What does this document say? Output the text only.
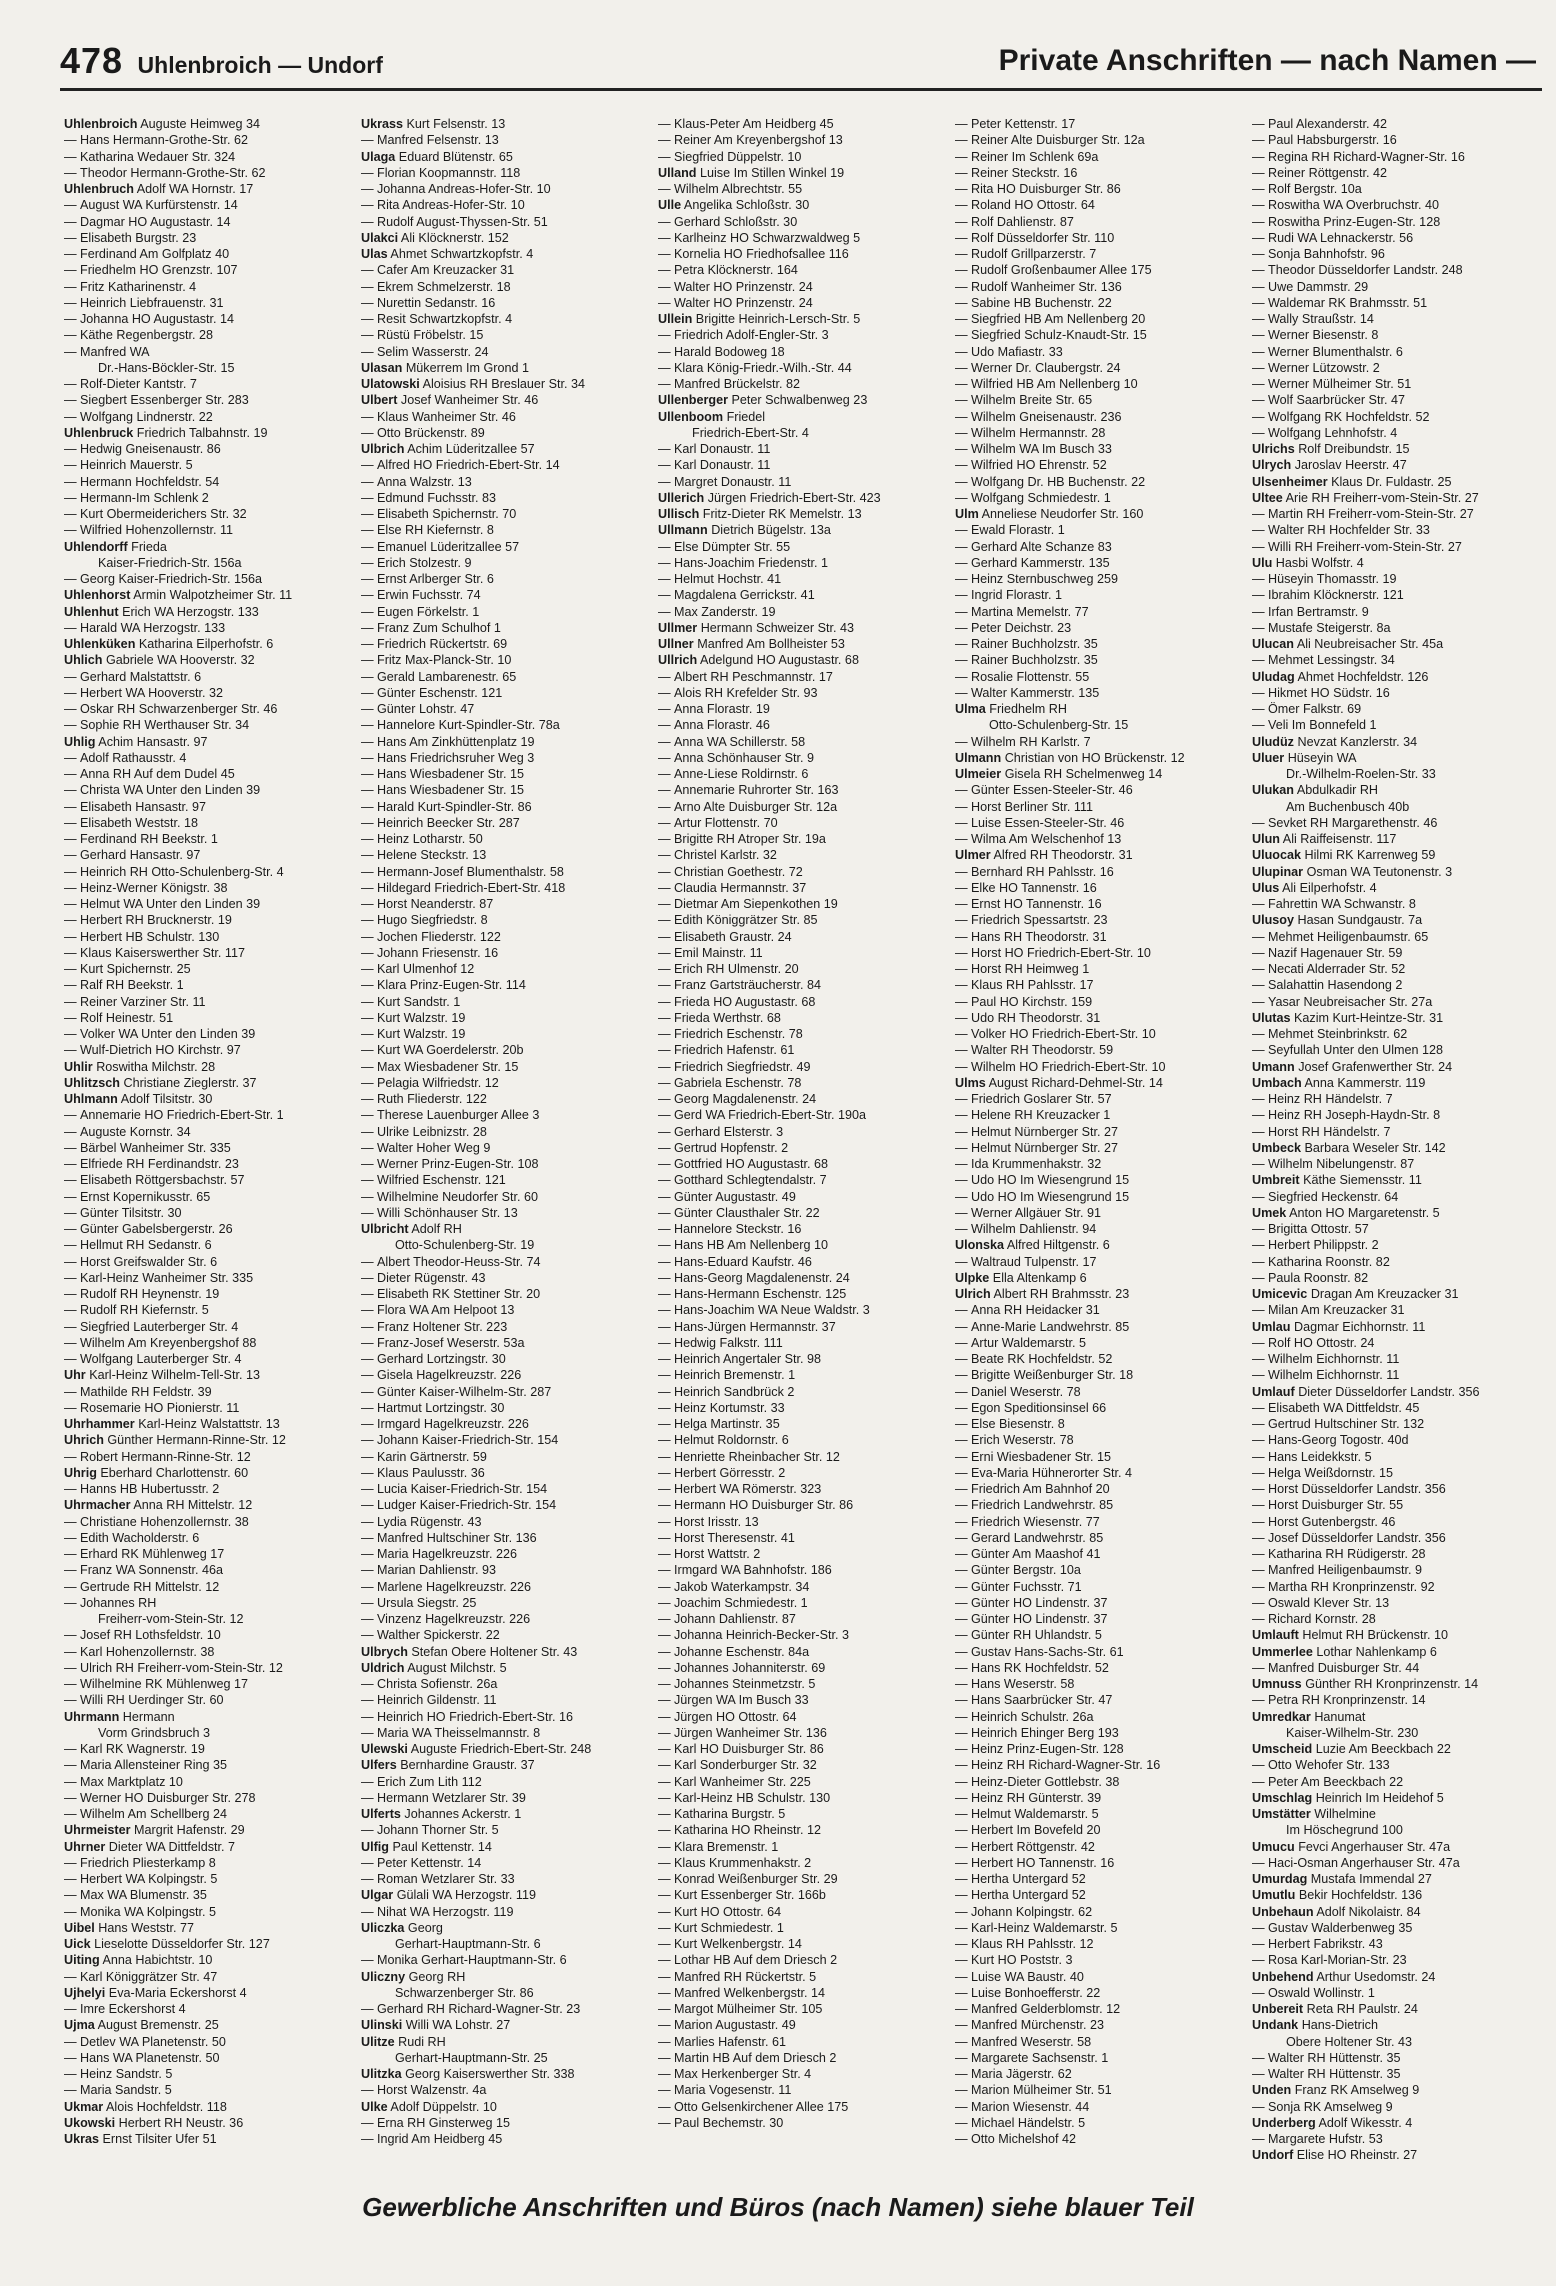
478 Uhlenbroich — Undorf	Private Anschriften — nach Namen —
Uhlenbroich Auguste Heimweg 34
— Hans Hermann-Grothe-Str. 62
— Katharina Wedauer Str. 324
— Theodor Hermann-Grothe-Str. 62
Uhlenbruch Adolf WA Hornstr. 17
— August WA Kurfürstenstr. 14
— Dagmar HO Augustastr. 14
— Elisabeth Burgstr. 23
— Ferdinand Am Golfplatz 40
— Friedhelm HO Grenzstr. 107
— Fritz Katharinenstr. 4
— Heinrich Liebfrauenstr. 31
— Johanna HO Augustastr. 14
— Käthe Regenbergstr. 28
— Manfred WA
Dr.-Hans-Böckler-Str. 15
— Rolf-Dieter Kantstr. 7
— Siegbert Essenberger Str. 283
— Wolfgang Lindnerstr. 22
Uhlenbruck Friedrich Talbahnstr. 19
— Hedwig Gneisenaustr. 86
— Heinrich Mauerstr. 5
— Hermann Hochfeldstr. 54
— Hermann-Im Schlenk 2
— Kurt Obermeiderichers Str. 32
— Wilfried Hohenzollernstr. 11
Uhlendorff Frieda
Kaiser-Friedrich-Str. 156a
— Georg Kaiser-Friedrich-Str. 156a
Uhlenhorst Armin Walpotzheimer Str. 11
Uhlenhut Erich WA Herzogstr. 133
— Harald WA Herzogstr. 133
Uhlenküken Katharina Eilperhofstr. 6
Uhlich Gabriele WA Hooverstr. 32
— Gerhard Malstattstr. 6
— Herbert WA Hooverstr. 32
— Oskar RH Schwarzenberger Str. 46
— Sophie RH Werthauser Str. 34
Uhlig Achim Hansastr. 97
— Adolf Rathausstr. 4
— Anna RH Auf dem Dudel 45
— Christa WA Unter den Linden 39
— Elisabeth Hansastr. 97
— Elisabeth Weststr. 18
— Ferdinand RH Beekstr. 1
— Gerhard Hansastr. 97
— Heinrich RH Otto-Schulenberg-Str. 4
— Heinz-Werner Königstr. 38
— Helmut WA Unter den Linden 39
— Herbert RH Brucknerstr. 19
— Herbert HB Schulstr. 130
— Klaus Kaiserswerther Str. 117
— Kurt Spichernstr. 25
— Ralf RH Beekstr. 1
— Reiner Varziner Str. 11
— Rolf Heinestr. 51
— Volker WA Unter den Linden 39
— Wulf-Dietrich HO Kirchstr. 97
Uhlir Roswitha Milchstr. 28
Uhlitzsch Christiane Zieglerstr. 37
Uhlmann Adolf Tilsitstr. 30
— Annemarie HO Friedrich-Ebert-Str. 1
— Auguste Kornstr. 34
— Bärbel Wanheimer Str. 335
— Elfriede RH Ferdinandstr. 23
— Elisabeth Röttgersbachstr. 57
— Ernst Kopernikusstr. 65
— Günter Tilsitstr. 30
— Günter Gabelsbergerstr. 26
— Hellmut RH Sedanstr. 6
— Horst Greifswalder Str. 6
— Karl-Heinz Wanheimer Str. 335
— Rudolf RH Heynenstr. 19
— Rudolf RH Kiefernstr. 5
— Siegfried Lauterberger Str. 4
— Wilhelm Am Kreyenbergshof 88
— Wolfgang Lauterberger Str. 4
Uhr Karl-Heinz Wilhelm-Tell-Str. 13
— Mathilde RH Feldstr. 39
— Rosemarie HO Pionierstr. 11
Uhrhammer Karl-Heinz Walstattstr. 13
Uhrich Günther Hermann-Rinne-Str. 12
— Robert Hermann-Rinne-Str. 12
Uhrig Eberhard Charlottenstr. 60
— Hanns HB Hubertusstr. 2
Uhrmacher Anna RH Mittelstr. 12
— Christiane Hohenzollernstr. 38
— Edith Wacholderstr. 6
— Erhard RK Mühlenweg 17
— Franz WA Sonnenstr. 46a
— Gertrude RH Mittelstr. 12
— Johannes RH
Freiherr-vom-Stein-Str. 12
— Josef RH Lothsfeldstr. 10
— Karl Hohenzollernstr. 38
— Ulrich RH Freiherr-vom-Stein-Str. 12
— Wilhelmine RK Mühlenweg 17
— Willi RH Uerdinger Str. 60
Uhrmann Hermann
Vorm Grindsbruch 3
— Karl RK Wagnerstr. 19
— Maria Allensteiner Ring 35
— Max Marktplatz 10
— Werner HO Duisburger Str. 278
— Wilhelm Am Schellberg 24
Uhrmeister Margrit Hafenstr. 29
Uhrner Dieter WA Dittfeldstr. 7
— Friedrich Pliesterkamp 8
— Herbert WA Kolpingstr. 5
— Max WA Blumenstr. 35
— Monika WA Kolpingstr. 5
Uibel Hans Weststr. 77
Uick Lieselotte Düsseldorfer Str. 127
Uiting Anna Habichtstr. 10
— Karl Königgrätzer Str. 47
Ujhelyi Eva-Maria Eckershorst 4
— Imre Eckershorst 4
Ujma August Bremenstr. 25
— Detlev WA Planetenstr. 50
— Hans WA Planetenstr. 50
— Heinz Sandstr. 5
— Maria Sandstr. 5
Ukmar Alois Hochfeldstr. 118
Ukowski Herbert RH Neustr. 36
Ukras Ernst Tilsiter Ufer 51
Ukrass Kurt Felsenstr. 13
— Manfred Felsenstr. 13
Ulaga Eduard Blütenstr. 65
— Florian Koopmannstr. 118
— Johanna Andreas-Hofer-Str. 10
— Rita Andreas-Hofer-Str. 10
— Rudolf August-Thyssen-Str. 51
Ulakci Ali Klöcknerstr. 152
Ulas Ahmet Schwartzkopfstr. 4
— Cafer Am Kreuzacker 31
— Ekrem Schmelzerstr. 18
— Nurettin Sedanstr. 16
— Resit Schwartzkopfstr. 4
— Rüstü Fröbelstr. 15
— Selim Wasserstr. 24
Ulasan Mükerrem Im Grond 1
Ulatowski Aloisius RH Breslauer Str. 34
Ulbert Josef Wanheimer Str. 46
— Klaus Wanheimer Str. 46
— Otto Brückenstr. 89
Ulbrich Achim Lüderitzallee 57
— Alfred HO Friedrich-Ebert-Str. 14
— Anna Walzstr. 13
— Edmund Fuchsstr. 83
— Elisabeth Spichernstr. 70
— Else RH Kiefernstr. 8
— Emanuel Lüderitzallee 57
— Erich Stolzestr. 9
— Ernst Arlberger Str. 6
— Erwin Fuchsstr. 74
— Eugen Förkelstr. 1
— Franz Zum Schulhof 1
— Friedrich Rückertstr. 69
— Fritz Max-Planck-Str. 10
— Gerald Lambarenestr. 65
— Günter Eschenstr. 121
— Günter Lohstr. 47
— Hannelore Kurt-Spindler-Str. 78a
— Hans Am Zinkhüttenplatz 19
— Hans Friedrichsruher Weg 3
— Hans Wiesbadener Str. 15
— Hans Wiesbadener Str. 15
— Harald Kurt-Spindler-Str. 86
— Heinrich Beecker Str. 287
— Heinz Lotharstr. 50
— Helene Steckstr. 13
— Hermann-Josef Blumenthalstr. 58
— Hildegard Friedrich-Ebert-Str. 418
— Horst Neanderstr. 87
— Hugo Siegfriedstr. 8
— Jochen Fliederstr. 122
— Johann Friesenstr. 16
— Karl Ulmenhof 12
— Klara Prinz-Eugen-Str. 114
— Kurt Sandstr. 1
— Kurt Walzstr. 19
— Kurt Walzstr. 19
— Kurt WA Goerdelerstr. 20b
— Max Wiesbadener Str. 15
— Pelagia Wilfriedstr. 12
— Ruth Fliederstr. 122
— Therese Lauenburger Allee 3
— Ulrike Leibnizstr. 28
— Walter Hoher Weg 9
— Werner Prinz-Eugen-Str. 108
— Wilfried Eschenstr. 121
— Wilhelmine Neudorfer Str. 60
— Willi Schönhauser Str. 13
Ulbricht Adolf RH
Otto-Schulenberg-Str. 19
— Albert Theodor-Heuss-Str. 74
— Dieter Rügenstr. 43
— Elisabeth RK Stettiner Str. 20
— Flora WA Am Helpoot 13
— Franz Holtener Str. 223
— Franz-Josef Weserstr. 53a
— Gerhard Lortzingstr. 30
— Gisela Hagelkreuzstr. 226
— Günter Kaiser-Wilhelm-Str. 287
— Hartmut Lortzingstr. 30
— Irmgard Hagelkreuzstr. 226
— Johann Kaiser-Friedrich-Str. 154
— Karin Gärtnerstr. 59
— Klaus Paulusstr. 36
— Lucia Kaiser-Friedrich-Str. 154
— Ludger Kaiser-Friedrich-Str. 154
— Lydia Rügenstr. 43
— Manfred Hultschiner Str. 136
— Maria Hagelkreuzstr. 226
— Marian Dahlienstr. 93
— Marlene Hagelkreuzstr. 226
— Ursula Siegstr. 25
— Vinzenz Hagelkreuzstr. 226
— Walther Spickerstr. 22
Ulbrych Stefan Obere Holtener Str. 43
Uldrich August Milchstr. 5
— Christa Sofienstr. 26a
— Heinrich Gildenstr. 11
— Heinrich HO Friedrich-Ebert-Str. 16
— Maria WA Theisselmannstr. 8
Ulewski Auguste Friedrich-Ebert-Str. 248
Ulfers Bernhardine Graustr. 37
— Erich Zum Lith 112
— Hermann Wetzlarer Str. 39
Ulferts Johannes Ackerstr. 1
— Johann Thorner Str. 5
Ulfig Paul Kettenstr. 14
— Peter Kettenstr. 14
— Roman Wetzlarer Str. 33
Ulgar Gülali WA Herzogstr. 119
— Nihat WA Herzogstr. 119
Uliczka Georg
Gerhart-Hauptmann-Str. 6
— Monika Gerhart-Hauptmann-Str. 6
Uliczny Georg RH
Schwarzenberger Str. 86
— Gerhard RH Richard-Wagner-Str. 23
Ulinski Willi WA Lohstr. 27
Ulitze Rudi RH
Gerhart-Hauptmann-Str. 25
Ulitzka Georg Kaiserswerther Str. 338
— Horst Walzenstr. 4a
Ulke Adolf Düppelstr. 10
— Erna RH Ginsterweg 15
— Ingrid Am Heidberg 45
— Klaus-Peter Am Heidberg 45
— Reiner Am Kreyenbergshof 13
— Siegfried Düppelstr. 10
Ulland Luise Im Stillen Winkel 19
— Wilhelm Albrechtstr. 55
Ulle Angelika Schloßstr. 30
— Gerhard Schloßstr. 30
— Karlheinz HO Schwarzwaldweg 5
— Kornelia HO Friedhofsallee 116
— Petra Klöcknerstr. 164
— Walter HO Prinzenstr. 24
— Walter HO Prinzenstr. 24
Ullein Brigitte Heinrich-Lersch-Str. 5
— Friedrich Adolf-Engler-Str. 3
— Harald Bodoweg 18
— Klara König-Friedr.-Wilh.-Str. 44
— Manfred Brückelstr. 82
Ullenberger Peter Schwalbenweg 23
Ullenboom Friedel
Friedrich-Ebert-Str. 4
— Karl Donaustr. 11
— Karl Donaustr. 11
— Margret Donaustr. 11
Ullerich Jürgen Friedrich-Ebert-Str. 423
Ullisch Fritz-Dieter RK Memelstr. 13
Ullmann Dietrich Bügelstr. 13a
— Else Dümpter Str. 55
— Hans-Joachim Friedenstr. 1
— Helmut Hochstr. 41
— Magdalena Gerrickstr. 41
— Max Zanderstr. 19
Ullmer Hermann Schweizer Str. 43
Ullner Manfred Am Bollheister 53
Ullrich Adelgund HO Augustastr. 68
— Albert RH Peschmannstr. 17
— Alois RH Krefelder Str. 93
— Anna Florastr. 19
— Anna Florastr. 46
— Anna WA Schillerstr. 58
— Anna Schönhauser Str. 9
— Anne-Liese Roldirnstr. 6
— Annemarie Ruhrorter Str. 163
— Arno Alte Duisburger Str. 12a
— Artur Flottenstr. 70
— Brigitte RH Atroper Str. 19a
— Christel Karlstr. 32
— Christian Goethestr. 72
— Claudia Hermannstr. 37
— Dietmar Am Siepenkothen 19
— Edith Königgrätzer Str. 85
— Elisabeth Graustr. 24
— Emil Mainstr. 11
— Erich RH Ulmenstr. 20
— Franz Gartsträucherstr. 84
— Frieda HO Augustastr. 68
— Frieda Werthstr. 68
— Friedrich Eschenstr. 78
— Friedrich Hafenstr. 61
— Friedrich Siegfriedstr. 49
— Gabriela Eschenstr. 78
— Georg Magdalenenstr. 24
— Gerd WA Friedrich-Ebert-Str. 190a
— Gerhard Elsterstr. 3
— Gertrud Hopfenstr. 2
— Gottfried HO Augustastr. 68
— Gotthard Schlegtendalstr. 7
— Günter Augustastr. 49
— Günter Clausthaler Str. 22
— Hannelore Steckstr. 16
— Hans HB Am Nellenberg 10
— Hans-Eduard Kaufstr. 46
— Hans-Georg Magdalenenstr. 24
— Hans-Hermann Eschenstr. 125
— Hans-Joachim WA Neue Waldstr. 3
— Hans-Jürgen Hermannstr. 37
— Hedwig Falkstr. 111
— Heinrich Angertaler Str. 98
— Heinrich Bremenstr. 1
— Heinrich Sandbrück 2
— Heinz Kortumstr. 33
— Helga Martinstr. 35
— Helmut Roldornstr. 6
— Henriette Rheinbacher Str. 12
— Herbert Görresstr. 2
— Herbert WA Römerstr. 323
— Hermann HO Duisburger Str. 86
— Horst Irisstr. 13
— Horst Theresenstr. 41
— Horst Wattstr. 2
— Irmgard WA Bahnhofstr. 186
— Jakob Waterkampstr. 34
— Joachim Schmiedestr. 1
— Johann Dahlienstr. 87
— Johanna Heinrich-Becker-Str. 3
— Johanne Eschenstr. 84a
— Johannes Johanniterstr. 69
— Johannes Steinmetzstr. 5
— Jürgen WA Im Busch 33
— Jürgen HO Ottostr. 64
— Jürgen Wanheimer Str. 136
— Karl HO Duisburger Str. 86
— Karl Sonderburger Str. 32
— Karl Wanheimer Str. 225
— Karl-Heinz HB Schulstr. 130
— Katharina Burgstr. 5
— Katharina HO Rheinstr. 12
— Klara Bremenstr. 1
— Klaus Krummenhakstr. 2
— Konrad Weißenburger Str. 29
— Kurt Essenberger Str. 166b
— Kurt HO Ottostr. 64
— Kurt Schmiedestr. 1
— Kurt Welkenbergstr. 14
— Lothar HB Auf dem Driesch 2
— Manfred RH Rückertstr. 5
— Manfred Welkenbergstr. 14
— Margot Mülheimer Str. 105
— Marion Augustastr. 49
— Marlies Hafenstr. 61
— Martin HB Auf dem Driesch 2
— Max Herkenberger Str. 4
— Maria Vogesenstr. 11
— Otto Gelsenkirchener Allee 175
— Paul Bechemstr. 30
— Peter Kettenstr. 17
— Reiner Alte Duisburger Str. 12a
— Reiner Im Schlenk 69a
— Reiner Steckstr. 16
— Rita HO Duisburger Str. 86
— Roland HO Ottostr. 64
— Rolf Dahlienstr. 87
— Rolf Düsseldorfer Str. 110
— Rudolf Grillparzerstr. 7
— Rudolf Großenbaumer Allee 175
— Rudolf Wanheimer Str. 136
— Sabine HB Buchenstr. 22
— Siegfried HB Am Nellenberg 20
— Siegfried Schulz-Knaudt-Str. 15
— Udo Mafiastr. 33
— Werner Dr. Claubergstr. 24
— Wilfried HB Am Nellenberg 10
— Wilhelm Breite Str. 65
— Wilhelm Gneisenaustr. 236
— Wilhelm Hermannstr. 28
— Wilhelm WA Im Busch 33
— Wilfried HO Ehrenstr. 52
— Wolfgang Dr. HB Buchenstr. 22
— Wolfgang Schmiedestr. 1
Ulm Anneliese Neudorfer Str. 160
— Ewald Florastr. 1
— Gerhard Alte Schanze 83
— Gerhard Kammerstr. 135
— Heinz Sternbuschweg 259
— Ingrid Florastr. 1
— Martina Memelstr. 77
— Peter Deichstr. 23
— Rainer Buchholzstr. 35
— Rainer Buchholzstr. 35
— Rosalie Flottenstr. 55
— Walter Kammerstr. 135
Ulma Friedhelm RH
Otto-Schulenberg-Str. 15
— Wilhelm RH Karlstr. 7
Ulmann Christian von HO Brückenstr. 12
Ulmeier Gisela RH Schelmenweg 14
— Günter Essen-Steeler-Str. 46
— Horst Berliner Str. 111
— Luise Essen-Steeler-Str. 46
— Wilma Am Welschenhof 13
Ulmer Alfred RH Theodorstr. 31
— Bernhard RH Pahlsstr. 16
— Elke HO Tannenstr. 16
— Ernst HO Tannenstr. 16
— Friedrich Spessartstr. 23
— Hans RH Theodorstr. 31
— Horst HO Friedrich-Ebert-Str. 10
— Horst RH Heimweg 1
— Klaus RH Pahlsstr. 17
— Paul HO Kirchstr. 159
— Udo RH Theodorstr. 31
— Volker HO Friedrich-Ebert-Str. 10
— Walter RH Theodorstr. 59
— Wilhelm HO Friedrich-Ebert-Str. 10
Ulms August Richard-Dehmel-Str. 14
— Friedrich Goslarer Str. 57
— Helene RH Kreuzacker 1
— Helmut Nürnberger Str. 27
— Helmut Nürnberger Str. 27
— Ida Krummenhakstr. 32
— Udo HO Im Wiesengrund 15
— Udo HO Im Wiesengrund 15
— Werner Allgäuer Str. 91
— Wilhelm Dahlienstr. 94
Ulonska Alfred Hiltgenstr. 6
— Waltraud Tulpenstr. 17
Ulpke Ella Altenkamp 6
Ulrich Albert RH Brahmsstr. 23
— Anna RH Heidacker 31
— Anne-Marie Landwehrstr. 85
— Artur Waldemarstr. 5
— Beate RK Hochfeldstr. 52
— Brigitte Weißenburger Str. 18
— Daniel Weserstr. 78
— Egon Speditionsinsel 66
— Else Biesenstr. 8
— Erich Weserstr. 78
— Erni Wiesbadener Str. 15
— Eva-Maria Hühnerorter Str. 4
— Friedrich Am Bahnhof 20
— Friedrich Landwehrstr. 85
— Friedrich Wiesenstr. 77
— Gerard Landwehrstr. 85
— Günter Am Maashof 41
— Günter Bergstr. 10a
— Günter Fuchsstr. 71
— Günter HO Lindenstr. 37
— Günter HO Lindenstr. 37
— Günter RH Uhlandstr. 5
— Gustav Hans-Sachs-Str. 61
— Hans RK Hochfeldstr. 52
— Hans Weserstr. 58
— Hans Saarbrücker Str. 47
— Heinrich Schulstr. 26a
— Heinrich Ehinger Berg 193
— Heinz Prinz-Eugen-Str. 128
— Heinz RH Richard-Wagner-Str. 16
— Heinz-Dieter Gottlebstr. 38
— Heinz RH Günterstr. 39
— Helmut Waldemarstr. 5
— Herbert Im Bovefeld 20
— Herbert Röttgenstr. 42
— Herbert HO Tannenstr. 16
— Hertha Untergard 52
— Hertha Untergard 52
— Johann Kolpingstr. 62
— Karl-Heinz Waldemarstr. 5
— Klaus RH Pahlsstr. 12
— Kurt HO Poststr. 3
— Luise WA Baustr. 40
— Luise Bonhoefferstr. 22
— Manfred Gelderblomstr. 12
— Manfred Mürchenstr. 23
— Manfred Weserstr. 58
— Margarete Sachsenstr. 1
— Maria Jägerstr. 62
— Marion Mülheimer Str. 51
— Marion Wiesenstr. 44
— Michael Händelstr. 5
— Otto Michelshof 42
— Paul Alexanderstr. 42
— Paul Habsburgerstr. 16
— Regina RH Richard-Wagner-Str. 16
— Reiner Röttgenstr. 42
— Rolf Bergstr. 10a
— Roswitha WA Overbruchstr. 40
— Roswitha Prinz-Eugen-Str. 128
— Rudi WA Lehnackerstr. 56
— Sonja Bahnhofstr. 96
— Theodor Düsseldorfer Landstr. 248
— Uwe Dammstr. 29
— Waldemar RK Brahmsstr. 51
— Wally Straußstr. 14
— Werner Biesenstr. 8
— Werner Blumenthalstr. 6
— Werner Lützowstr. 2
— Werner Mülheimer Str. 51
— Wolf Saarbrücker Str. 47
— Wolfgang RK Hochfeldstr. 52
— Wolfgang Lehnhofstr. 4
Ulrichs Rolf Dreibundstr. 15
Ulrych Jaroslav Heerstr. 47
Ulsenheimer Klaus Dr. Fuldastr. 25
Ultee Arie RH Freiherr-vom-Stein-Str. 27
— Martin RH Freiherr-vom-Stein-Str. 27
— Walter RH Hochfelder Str. 33
— Willi RH Freiherr-vom-Stein-Str. 27
Ulu Hasbi Wolfstr. 4
— Hüseyin Thomasstr. 19
— Ibrahim Klöcknerstr. 121
— Irfan Bertramstr. 9
— Mustafe Steigerstr. 8a
Ulucan Ali Neubreisacher Str. 45a
— Mehmet Lessingstr. 34
Uludag Ahmet Hochfeldstr. 126
— Hikmet HO Südstr. 16
— Ömer Falkstr. 69
— Veli Im Bonnefeld 1
Uludüz Nevzat Kanzlerstr. 34
Uluer Hüseyin WA
Dr.-Wilhelm-Roelen-Str. 33
Ulukan Abdulkadir RH
Am Buchenbusch 40b
— Sevket RH Margarethenstr. 46
Ulun Ali Raiffeisenstr. 117
Uluocak Hilmi RK Karrenweg 59
Ulupinar Osman WA Teutonenstr. 3
Ulus Ali Eilperhofstr. 4
— Fahrettin WA Schwanstr. 8
Ulusoy Hasan Sundgaustr. 7a
— Mehmet Heiligenbaumstr. 65
— Nazif Hagenauer Str. 59
— Necati Alderrader Str. 52
— Salahattin Hasendong 2
— Yasar Neubreisacher Str. 27a
Ulutas Kazim Kurt-Heintze-Str. 31
— Mehmet Steinbrinkstr. 62
— Seyfullah Unter den Ulmen 128
Umann Josef Grafenwerther Str. 24
Umbach Anna Kammerstr. 119
— Heinz RH Händelstr. 7
— Heinz RH Joseph-Haydn-Str. 8
— Horst RH Händelstr. 7
Umbeck Barbara Weseler Str. 142
— Wilhelm Nibelungenstr. 87
Umbreit Käthe Siemensstr. 11
— Siegfried Heckenstr. 64
Umek Anton HO Margaretenstr. 5
— Brigitta Ottostr. 57
— Herbert Philippstr. 2
— Katharina Roonstr. 82
— Paula Roonstr. 82
Umicevic Dragan Am Kreuzacker 31
— Milan Am Kreuzacker 31
Umlau Dagmar Eichhornstr. 11
— Rolf HO Ottostr. 24
— Wilhelm Eichhornstr. 11
— Wilhelm Eichhornstr. 11
Umlauf Dieter Düsseldorfer Landstr. 356
— Elisabeth WA Dittfeldstr. 45
— Gertrud Hultschiner Str. 132
— Hans-Georg Togostr. 40d
— Hans Leidekkstr. 5
— Helga Weißdornstr. 15
— Horst Düsseldorfer Landstr. 356
— Horst Duisburger Str. 55
— Horst Gutenbergstr. 46
— Josef Düsseldorfer Landstr. 356
— Katharina RH Rüdigerstr. 28
— Manfred Heiligenbaumstr. 9
— Martha RH Kronprinzenstr. 92
— Oswald Klever Str. 13
— Richard Kornstr. 28
Umlauft Helmut RH Brückenstr. 10
Ummerlee Lothar Nahlenkamp 6
— Manfred Duisburger Str. 44
Umnuss Günther RH Kronprinzenstr. 14
— Petra RH Kronprinzenstr. 14
Umredkar Hanumat
Kaiser-Wilhelm-Str. 230
Umscheid Luzie Am Beeckbach 22
— Otto Wehofer Str. 133
— Peter Am Beeckbach 22
Umschlag Heinrich Im Heidehof 5
Umstätter Wilhelmine
Im Höschegrund 100
Umucu Fevci Angerhauser Str. 47a
— Haci-Osman Angerhauser Str. 47a
Umurdag Mustafa Immendal 27
Umutlu Bekir Hochfeldstr. 136
Unbehaun Adolf Nikolaistr. 84
— Gustav Walderbenweg 35
— Herbert Fabrikstr. 43
— Rosa Karl-Morian-Str. 23
Unbehend Arthur Usedomstr. 24
— Oswald Wollinstr. 1
Unbereit Reta RH Paulstr. 24
Undank Hans-Dietrich
Obere Holtener Str. 43
— Walter RH Hüttenstr. 35
— Walter RH Hüttenstr. 35
Unden Franz RK Amselweg 9
— Sonja RK Amselweg 9
Underberg Adolf Wikesstr. 4
— Margarete Hufstr. 53
Undorf Elise HO Rheinstr. 27
Gewerbliche Anschriften und Büros (nach Namen) siehe blauer Teil
